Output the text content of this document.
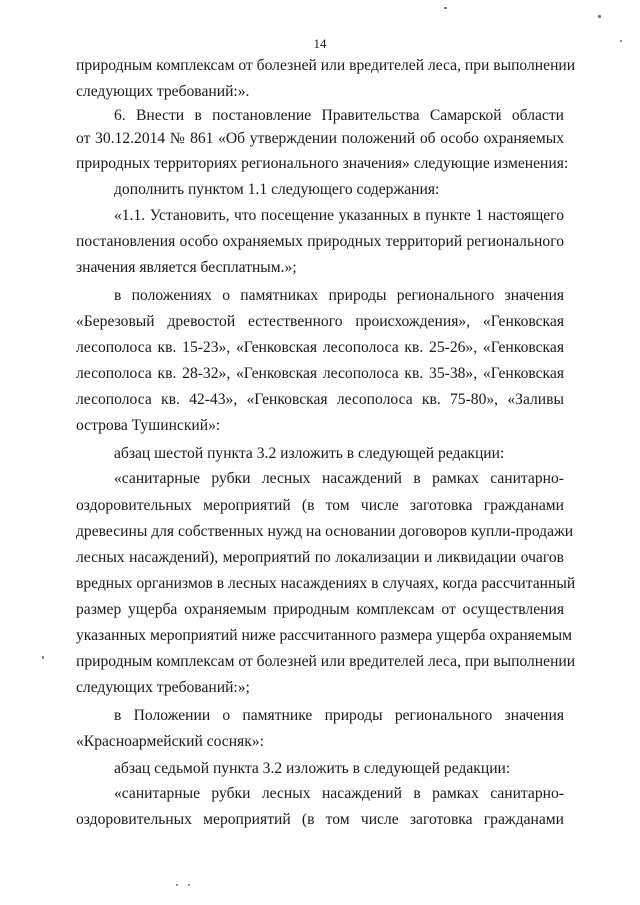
14
природным комплексам от болезней или вредителей леса, при выполнении
следующих требований:».
6. Внести в постановление Правительства Самарской области
от 30.12.2014 № 861 «Об утверждении положений об особо охраняемых
природных территориях регионального значения» следующие изменения:
дополнить пунктом 1.1 следующего содержания:
«1.1. Установить, что посещение указанных в пункте 1 настоящего
постановления особо охраняемых природных территорий регионального
значения является бесплатным.»;
в положениях о памятниках природы регионального значения
«Березовый древостой естественного происхождения», «Генковская
лесополоса кв. 15-23», «Генковская лесополоса кв. 25-26», «Генковская
лесополоса кв. 28-32», «Генковская лесополоса кв. 35-38», «Генковская
лесополоса кв. 42-43», «Генковская лесополоса кв. 75-80», «Заливы
острова Тушинский»:
абзац шестой пункта 3.2 изложить в следующей редакции:
«санитарные рубки лесных насаждений в рамках санитарно-
оздоровительных мероприятий (в том числе заготовка гражданами
древесины для собственных нужд на основании договоров купли-продажи
лесных насаждений), мероприятий по локализации и ликвидации очагов
вредных организмов в лесных насаждениях в случаях, когда рассчитанный
размер ущерба охраняемым природным комплексам от осуществления
указанных мероприятий ниже рассчитанного размера ущерба охраняемым
природным комплексам от болезней или вредителей леса, при выполнении
следующих требований:»;
в Положении о памятнике природы регионального значения
«Красноармейский сосняк»:
абзац седьмой пункта 3.2 изложить в следующей редакции:
«санитарные рубки лесных насаждений в рамках санитарно-
оздоровительных мероприятий (в том числе заготовка гражданами
